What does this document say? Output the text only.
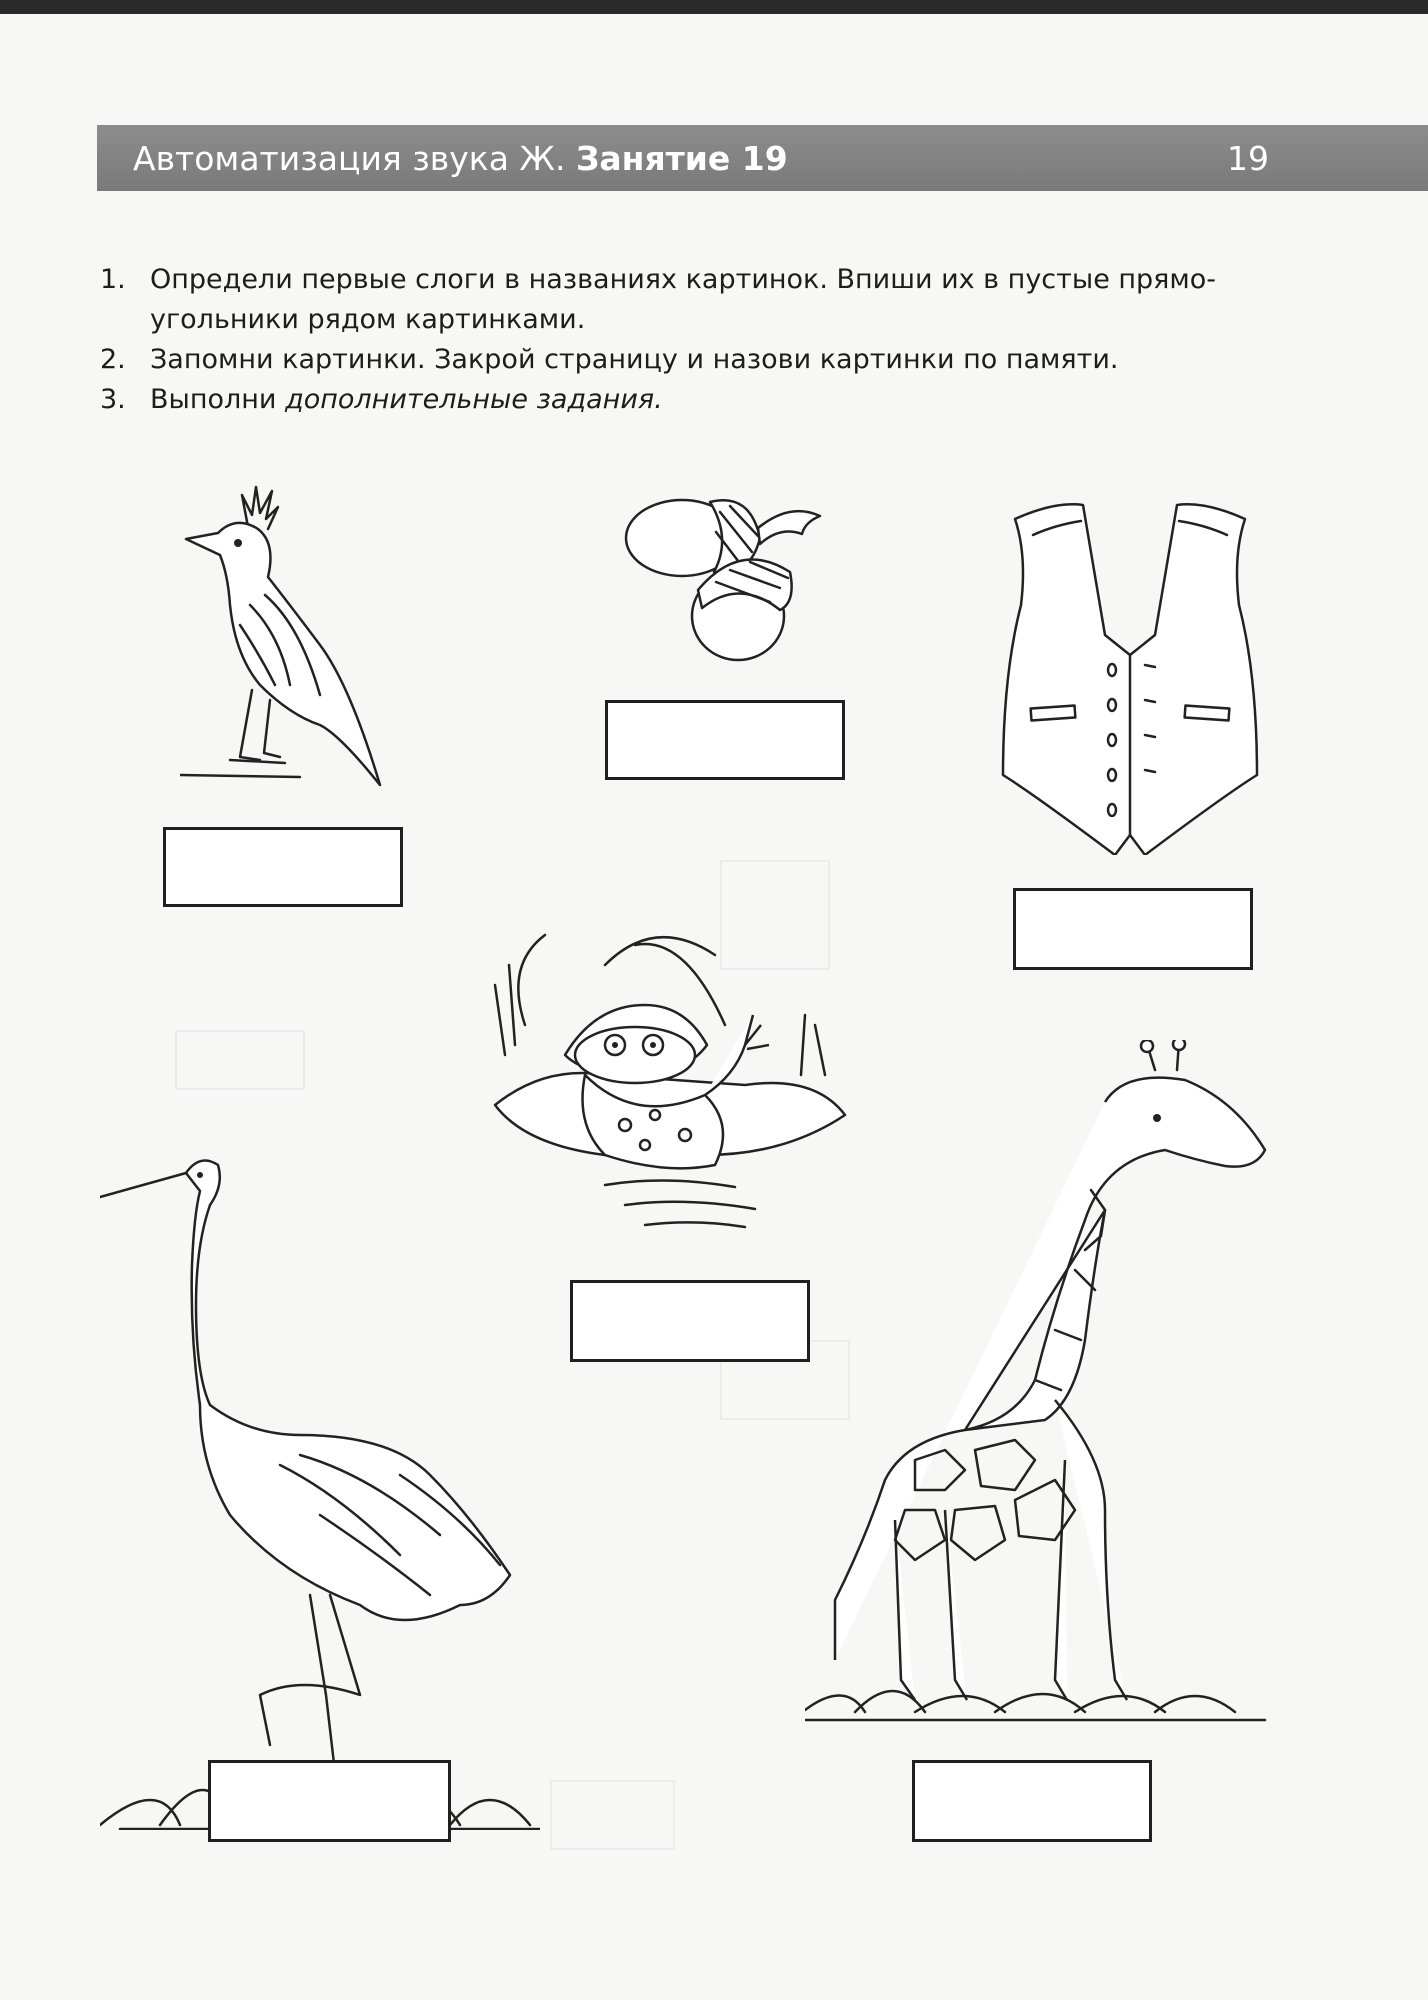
Автоматизация звука Ж. Занятие 19	19
1. Определи первые слоги в названиях картинок. Впиши их в пустые прямо-угольники рядом картинками.
2. Запомни картинки. Закрой страницу и назови картинки по памяти.
3. Выполни дополнительные задания.
